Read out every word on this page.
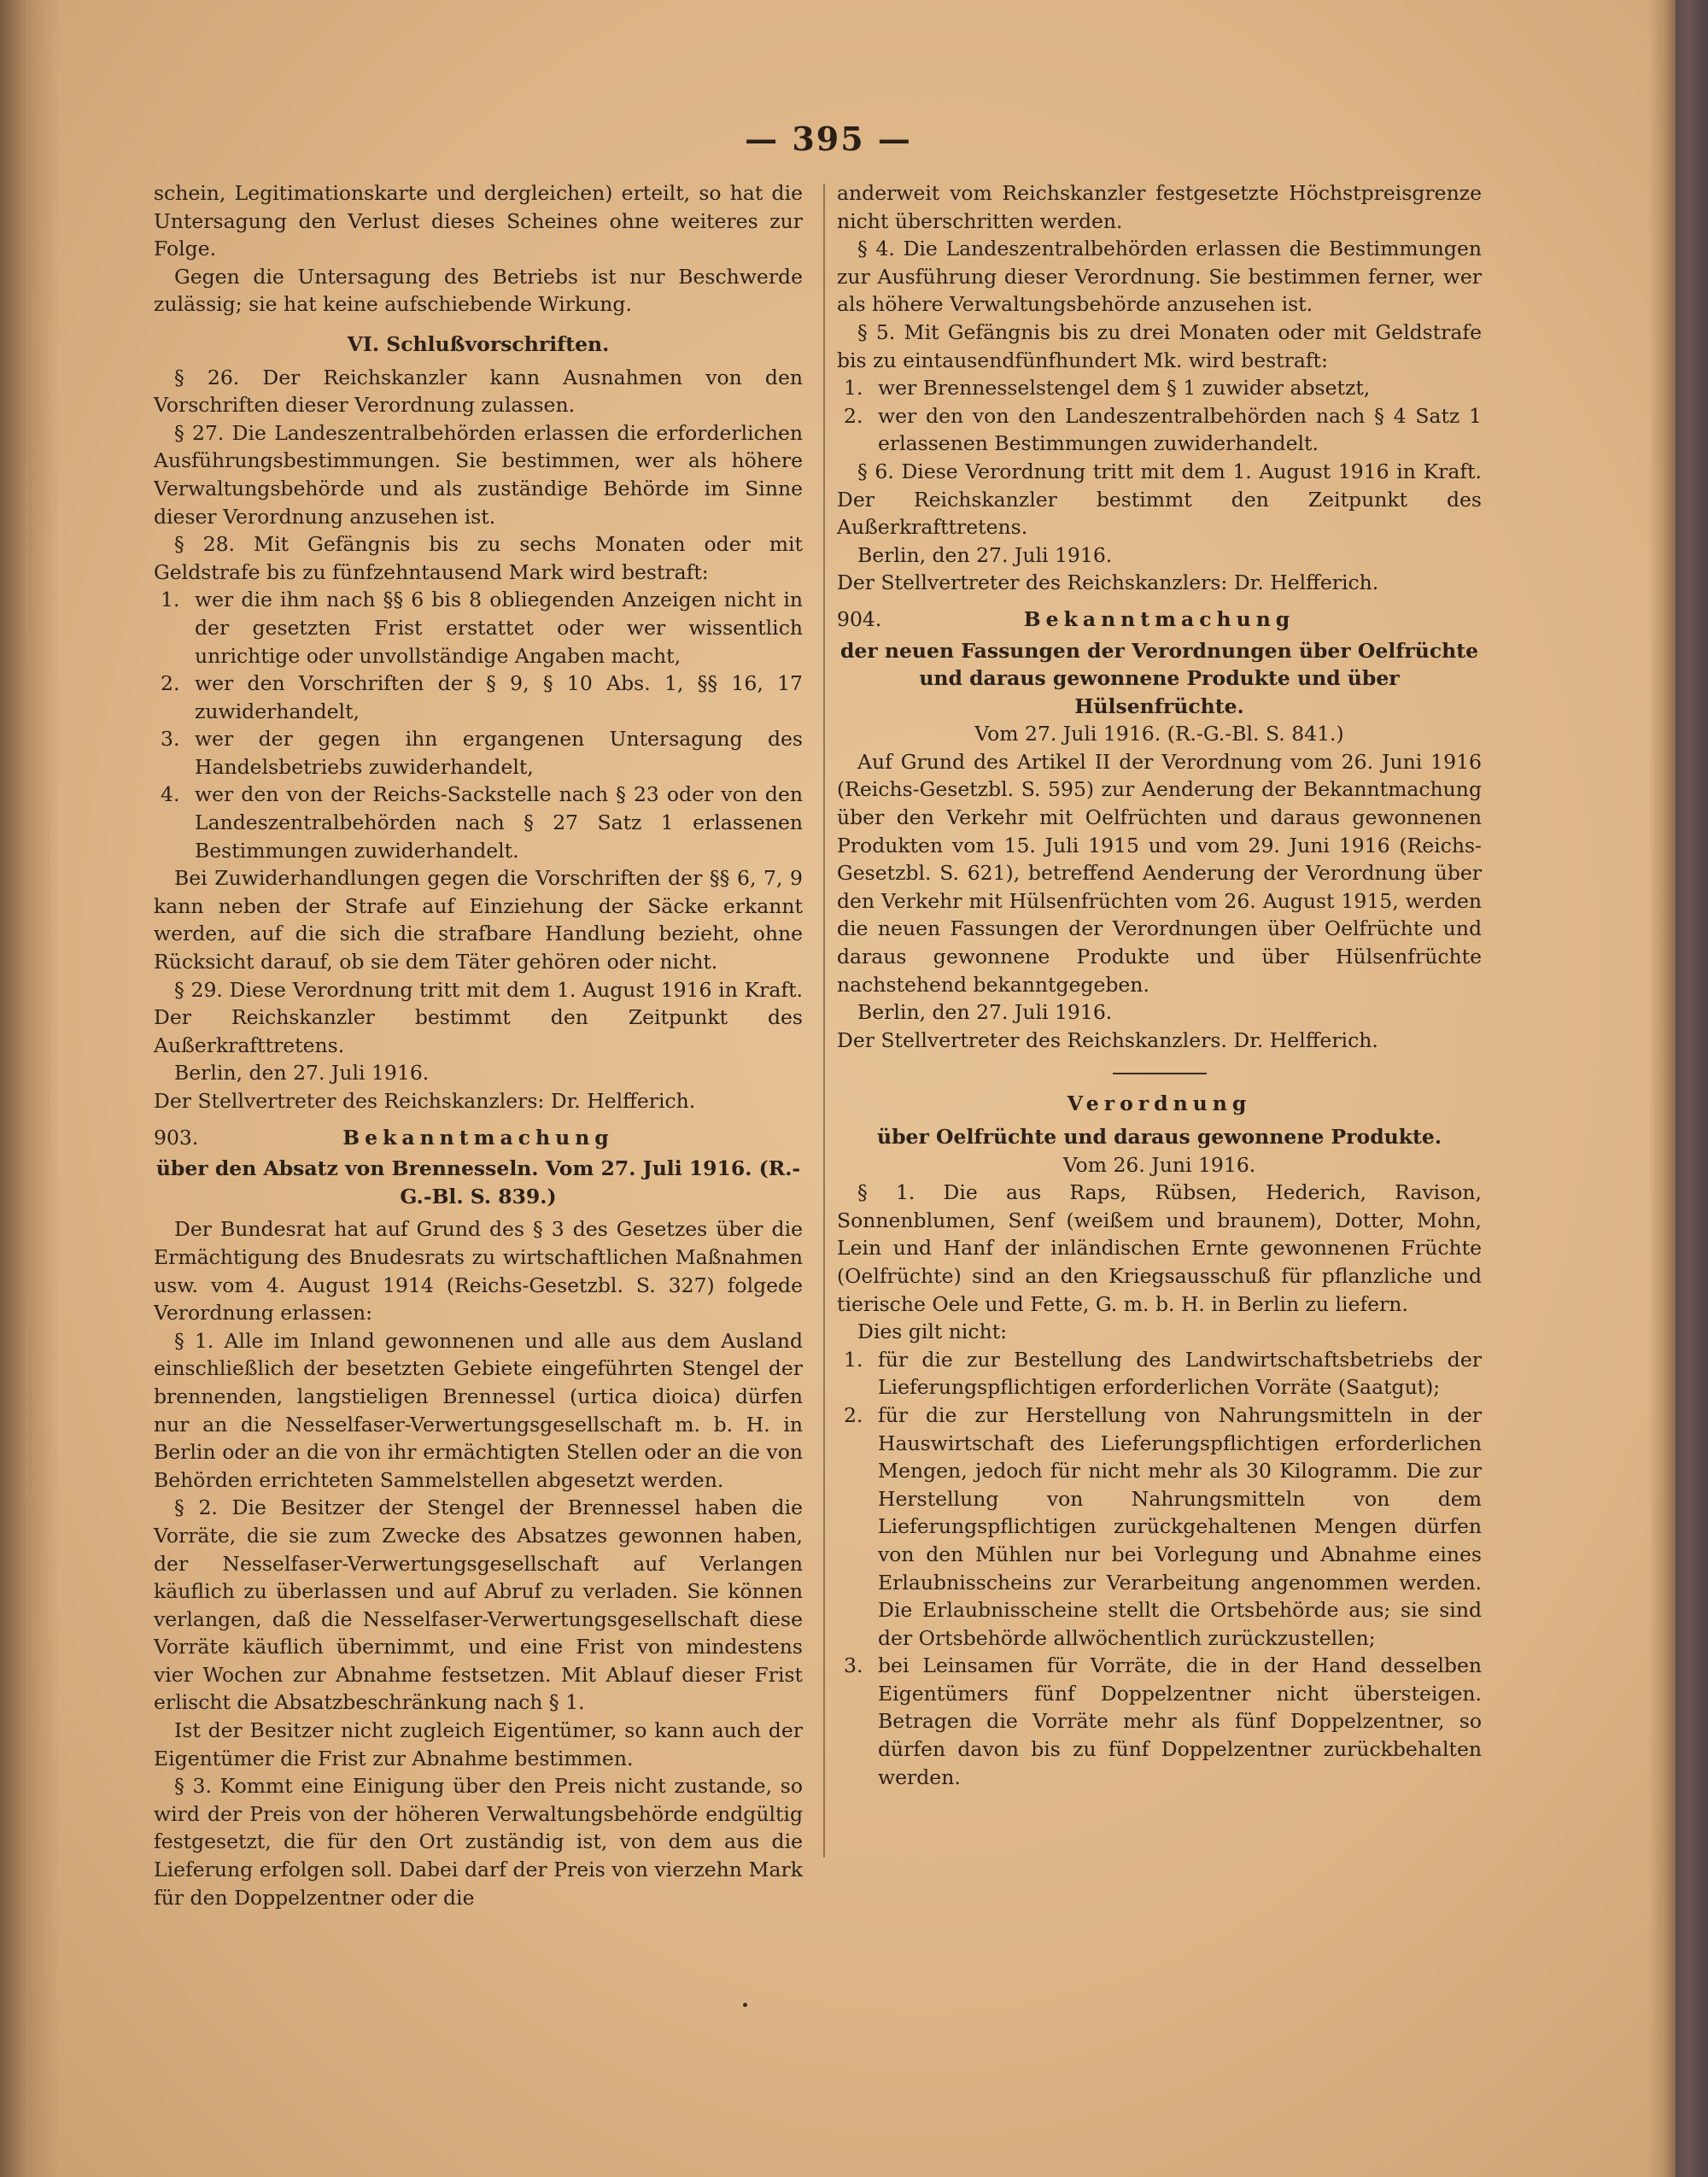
— 395 —

schein, Legitimationskarte und dergleichen) erteilt, so hat die Untersagung den Verlust dieses Scheines ohne weiteres zur Folge.

Gegen die Untersagung des Betriebs ist nur Beschwerde zulässig; sie hat keine aufschiebende Wirkung.

VI. Schlußvorschriften.

§ 26. Der Reichskanzler kann Ausnahmen von den Vorschriften dieser Verordnung zulassen.

§ 27. Die Landeszentralbehörden erlassen die erforderlichen Ausführungsbestimmungen. Sie bestimmen, wer als höhere Verwaltungsbehörde und als zuständige Behörde im Sinne dieser Verordnung anzusehen ist.

§ 28. Mit Gefängnis bis zu sechs Monaten oder mit Geldstrafe bis zu fünfzehntausend Mark wird bestraft:

1. wer die ihm nach §§ 6 bis 8 obliegenden Anzeigen nicht in der gesetzten Frist erstattet oder wer wissentlich unrichtige oder unvollständige Angaben macht,
2. wer den Vorschriften der § 9, § 10 Abs. 1, §§ 16, 17 zuwiderhandelt,
3. wer der gegen ihn ergangenen Untersagung des Handelsbetriebs zuwiderhandelt,
4. wer den von der Reichs-Sackstelle nach § 23 oder von den Landeszentralbehörden nach § 27 Satz 1 erlassenen Bestimmungen zuwiderhandelt.

Bei Zuwiderhandlungen gegen die Vorschriften der §§ 6, 7, 9 kann neben der Strafe auf Einziehung der Säcke erkannt werden, auf die sich die strafbare Handlung bezieht, ohne Rücksicht darauf, ob sie dem Täter gehören oder nicht.

§ 29. Diese Verordnung tritt mit dem 1. August 1916 in Kraft. Der Reichskanzler bestimmt den Zeitpunkt des Außerkrafttretens.

Berlin, den 27. Juli 1916.

Der Stellvertreter des Reichskanzlers: Dr. Helfferich.

903.	Bekanntmachung

über den Absatz von Brennesseln. Vom 27. Juli 1916. (R.-G.-Bl. S. 839.)

Der Bundesrat hat auf Grund des § 3 des Gesetzes über die Ermächtigung des Bnudesrats zu wirtschaftlichen Maßnahmen usw. vom 4. August 1914 (Reichs-Gesetzbl. S. 327) folgede Verordnung erlassen:

§ 1. Alle im Inland gewonnenen und alle aus dem Ausland einschließlich der besetzten Gebiete eingeführten Stengel der brennenden, langstieligen Brennessel (urtica dioica) dürfen nur an die Nesselfaser-Verwertungsgesellschaft m. b. H. in Berlin oder an die von ihr ermächtigten Stellen oder an die von Behörden errichteten Sammelstellen abgesetzt werden.

§ 2. Die Besitzer der Stengel der Brennessel haben die Vorräte, die sie zum Zwecke des Absatzes gewonnen haben, der Nesselfaser-Verwertungsgesellschaft auf Verlangen käuflich zu überlassen und auf Abruf zu verladen. Sie können verlangen, daß die Nesselfaser-Verwertungsgesellschaft diese Vorräte käuflich übernimmt, und eine Frist von mindestens vier Wochen zur Abnahme festsetzen. Mit Ablauf dieser Frist erlischt die Absatzbeschränkung nach § 1.

Ist der Besitzer nicht zugleich Eigentümer, so kann auch der Eigentümer die Frist zur Abnahme bestimmen.

§ 3. Kommt eine Einigung über den Preis nicht zustande, so wird der Preis von der höheren Verwaltungsbehörde endgültig festgesetzt, die für den Ort zuständig ist, von dem aus die Lieferung erfolgen soll. Dabei darf der Preis von vierzehn Mark für den Doppelzentner oder die

anderweit vom Reichskanzler festgesetzte Höchstpreisgrenze nicht überschritten werden.

§ 4. Die Landeszentralbehörden erlassen die Bestimmungen zur Ausführung dieser Verordnung. Sie bestimmen ferner, wer als höhere Verwaltungsbehörde anzusehen ist.

§ 5. Mit Gefängnis bis zu drei Monaten oder mit Geldstrafe bis zu eintausendfünfhundert Mk. wird bestraft:

1. wer Brennesselstengel dem § 1 zuwider absetzt,
2. wer den von den Landeszentralbehörden nach § 4 Satz 1 erlassenen Bestimmungen zuwiderhandelt.

§ 6. Diese Verordnung tritt mit dem 1. August 1916 in Kraft. Der Reichskanzler bestimmt den Zeitpunkt des Außerkrafttretens.

Berlin, den 27. Juli 1916.

Der Stellvertreter des Reichskanzlers: Dr. Helfferich.

904.	Bekanntmachung

der neuen Fassungen der Verordnungen über Oelfrüchte und daraus gewonnene Produkte und über Hülsenfrüchte.

Vom 27. Juli 1916. (R.-G.-Bl. S. 841.)

Auf Grund des Artikel II der Verordnung vom 26. Juni 1916 (Reichs-Gesetzbl. S. 595) zur Aenderung der Bekanntmachung über den Verkehr mit Oelfrüchten und daraus gewonnenen Produkten vom 15. Juli 1915 und vom 29. Juni 1916 (Reichs-Gesetzbl. S. 621), betreffend Aenderung der Verordnung über den Verkehr mit Hülsenfrüchten vom 26. August 1915, werden die neuen Fassungen der Verordnungen über Oelfrüchte und daraus gewonnene Produkte und über Hülsenfrüchte nachstehend bekanntgegeben.

Berlin, den 27. Juli 1916.

Der Stellvertreter des Reichskanzlers. Dr. Helfferich.

Verordnung

über Oelfrüchte und daraus gewonnene Produkte.

Vom 26. Juni 1916.

§ 1. Die aus Raps, Rübsen, Hederich, Ravison, Sonnenblumen, Senf (weißem und braunem), Dotter, Mohn, Lein und Hanf der inländischen Ernte gewonnenen Früchte (Oelfrüchte) sind an den Kriegsausschuß für pflanzliche und tierische Oele und Fette, G. m. b. H. in Berlin zu liefern.

Dies gilt nicht:

1. für die zur Bestellung des Landwirtschaftsbetriebs der Lieferungspflichtigen erforderlichen Vorräte (Saatgut);
2. für die zur Herstellung von Nahrungsmitteln in der Hauswirtschaft des Lieferungspflichtigen erforderlichen Mengen, jedoch für nicht mehr als 30 Kilogramm. Die zur Herstellung von Nahrungsmitteln von dem Lieferungspflichtigen zurückgehaltenen Mengen dürfen von den Mühlen nur bei Vorlegung und Abnahme eines Erlaubnisscheins zur Verarbeitung angenommen werden. Die Erlaubnisscheine stellt die Ortsbehörde aus; sie sind der Ortsbehörde allwöchentlich zurückzustellen;
3. bei Leinsamen für Vorräte, die in der Hand desselben Eigentümers fünf Doppelzentner nicht übersteigen. Betragen die Vorräte mehr als fünf Doppelzentner, so dürfen davon bis zu fünf Doppelzentner zurückbehalten werden.
